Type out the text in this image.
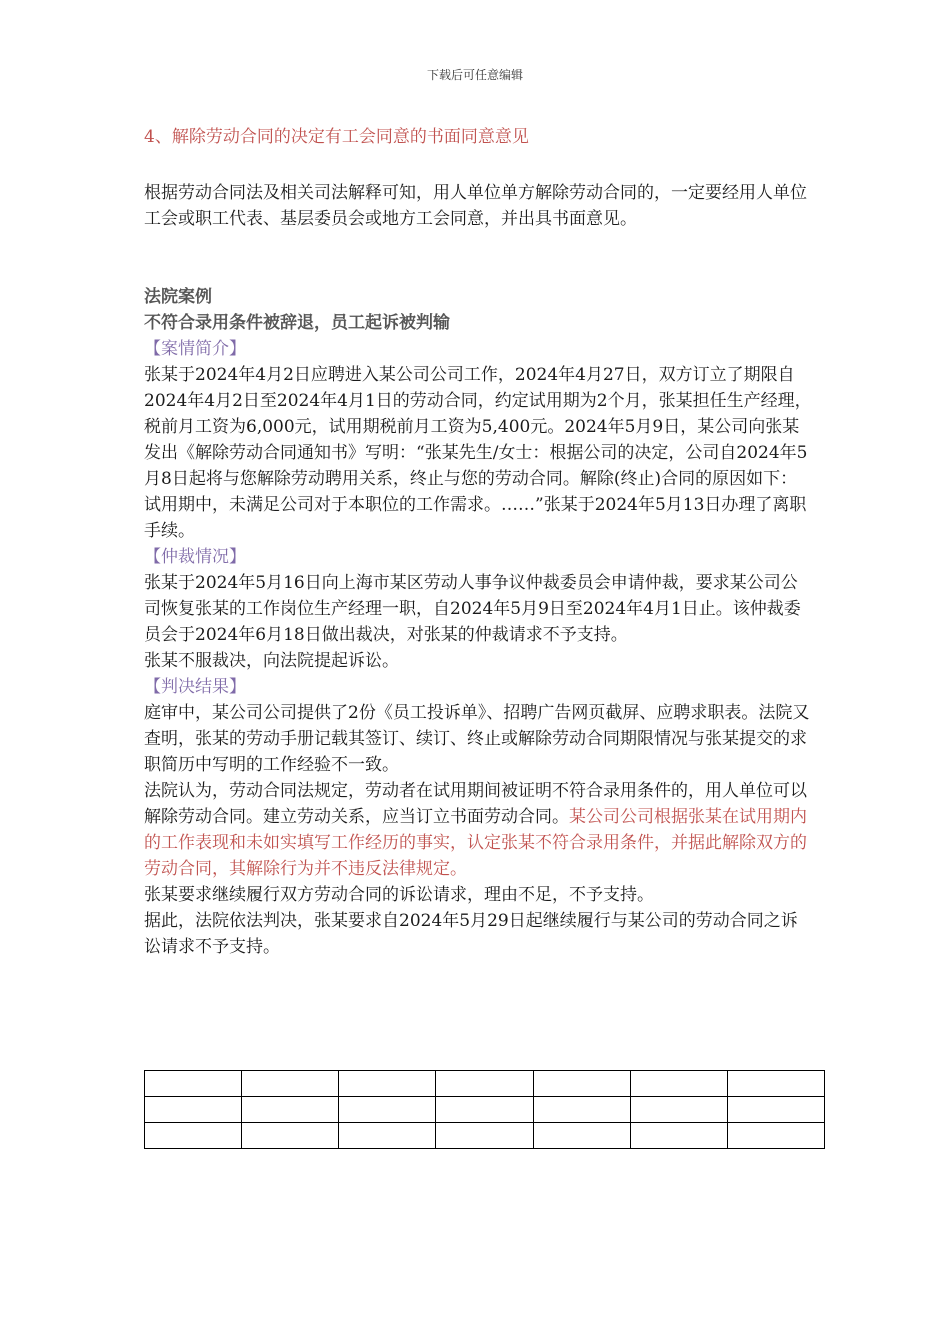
下载后可任意编辑

4、解除劳动合同的决定有工会同意的书面同意意见

根据劳动合同法及相关司法解释可知，用人单位单方解除劳动合同的，一定要经用人单位工会或职工代表、基层委员会或地方工会同意，并出具书面意见。

法院案例

不符合录用条件被辞退，员工起诉被判输

【案情简介】

张某于2024年4月2日应聘进入某公司公司工作，2024年4月27日，双方订立了期限自2024年4月2日至2024年4月1日的劳动合同，约定试用期为2个月，张某担任生产经理，税前月工资为6,000元，试用期税前月工资为5,400元。2024年5月9日，某公司向张某发出《解除劳动合同通知书》写明：“张某先生/女士：根据公司的决定，公司自2024年5月8日起将与您解除劳动聘用关系，终止与您的劳动合同。解除(终止)合同的原因如下：试用期中，未满足公司对于本职位的工作需求。……”张某于2024年5月13日办理了离职手续。

【仲裁情况】

张某于2024年5月16日向上海市某区劳动人事争议仲裁委员会申请仲裁，要求某公司公司恢复张某的工作岗位生产经理一职，自2024年5月9日至2024年4月1日止。该仲裁委员会于2024年6月18日做出裁决，对张某的仲裁请求不予支持。

张某不服裁决，向法院提起诉讼。

【判决结果】

庭审中，某公司公司提供了2份《员工投诉单》、招聘广告网页截屏、应聘求职表。法院又查明，张某的劳动手册记载其签订、续订、终止或解除劳动合同期限情况与张某提交的求职简历中写明的工作经验不一致。

法院认为，劳动合同法规定，劳动者在试用期间被证明不符合录用条件的，用人单位可以解除劳动合同。建立劳动关系，应当订立书面劳动合同。某公司公司根据张某在试用期内的工作表现和未如实填写工作经历的事实，认定张某不符合录用条件，并据此解除双方的劳动合同，其解除行为并不违反法律规定。

张某要求继续履行双方劳动合同的诉讼请求，理由不足，不予支持。

据此，法院依法判决，张某要求自2024年5月29日起继续履行与某公司的劳动合同之诉讼请求不予支持。
